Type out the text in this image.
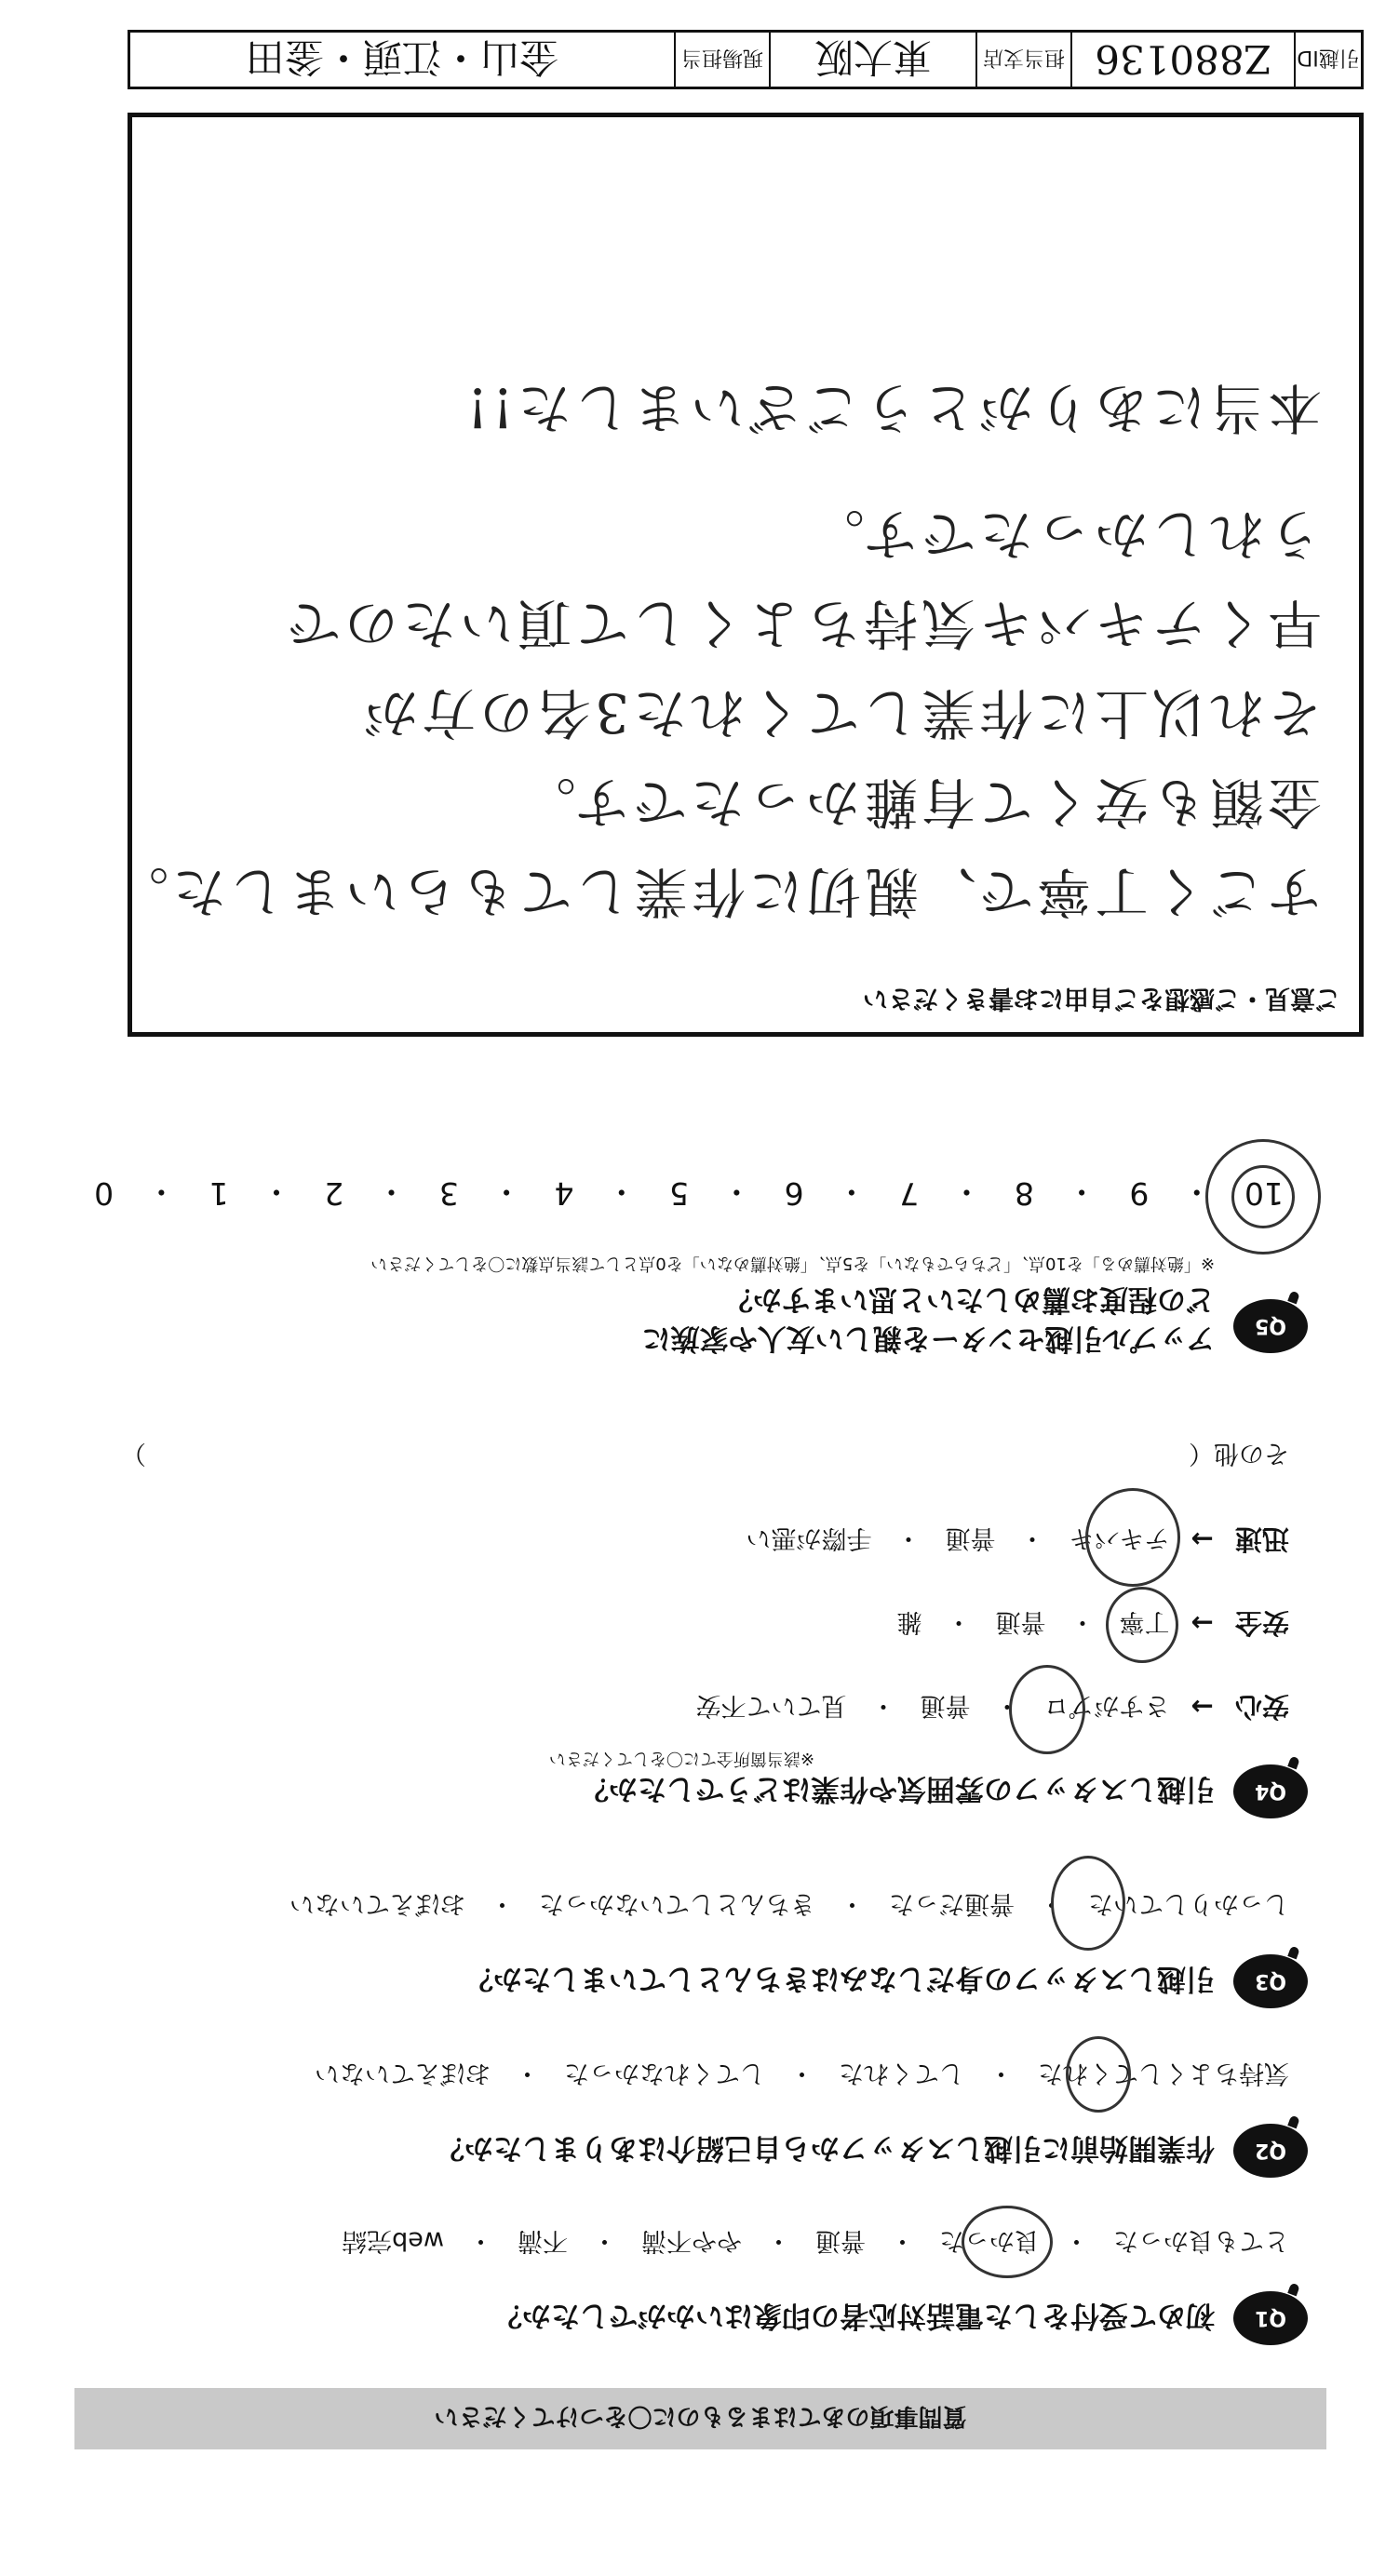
質問事項のあてはまるものに〇をつけてください
Q1
初めて受付をした電話対応者の印象はいかがでしたか？
とても良かった
・
良かった
・
普通
・
やや不満
・
不満
・
web完結
Q2
作業開始前に引越しスタッフから自己紹介はありましたか？
気持ちよくしてくれた
・
してくれた
・
してくれなかった
・
おぼえていない
Q3
引越しスタッフの身だしなみはきちんとしていましたか？
しっかりしていた
・
普通だった
・
きちんとしていなかった
・
おぼえていない
Q4
引越しスタッフの雰囲気や作業はどうでしたか？
※該当箇所全てに〇をしてください
安心 →
さすがプロ
・
普通
・
見ていて不安
安全 →
丁寧
・
普通
・
雑
迅速 →
テキパキ
・
普通
・
手際が悪い
その他（
）
Q5
アップル引越センターを親しい友人や家族に
どの程度お薦めしたいと思いますか？
※「絶対薦める」を10点、「どちらでもない」を5点、「絶対薦めない」を0点として該当点数に〇をしてください
10
・
9
・
8
・
7
・
6
・
5
・
4
・
3
・
2
・
1
・
0
ご意見・ご感想をご自由にお書きください
すごく丁寧で、親切に作業してもらいました。
金額も安くて有難かったです。
それ以上に作業してくれた3名の方が
早くテキパキ気持ちよくして頂いたので
うれしかったです。
本当にありがとうございました!!
引越ID
Z880136
担当支店
東大阪
現場担当
金山・江頭・釜田
